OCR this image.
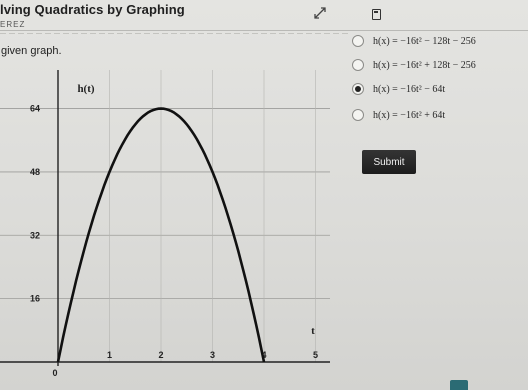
lving Quadratics by Graphing
EREZ
given graph.
64
48
32
16
0
1	2	3	4	5
h(t)
t
h(x) = −16t² − 128t − 256
h(x) = −16t² + 128t − 256
h(x) = −16t² − 64t
h(x) = −16t² + 64t
Submit
